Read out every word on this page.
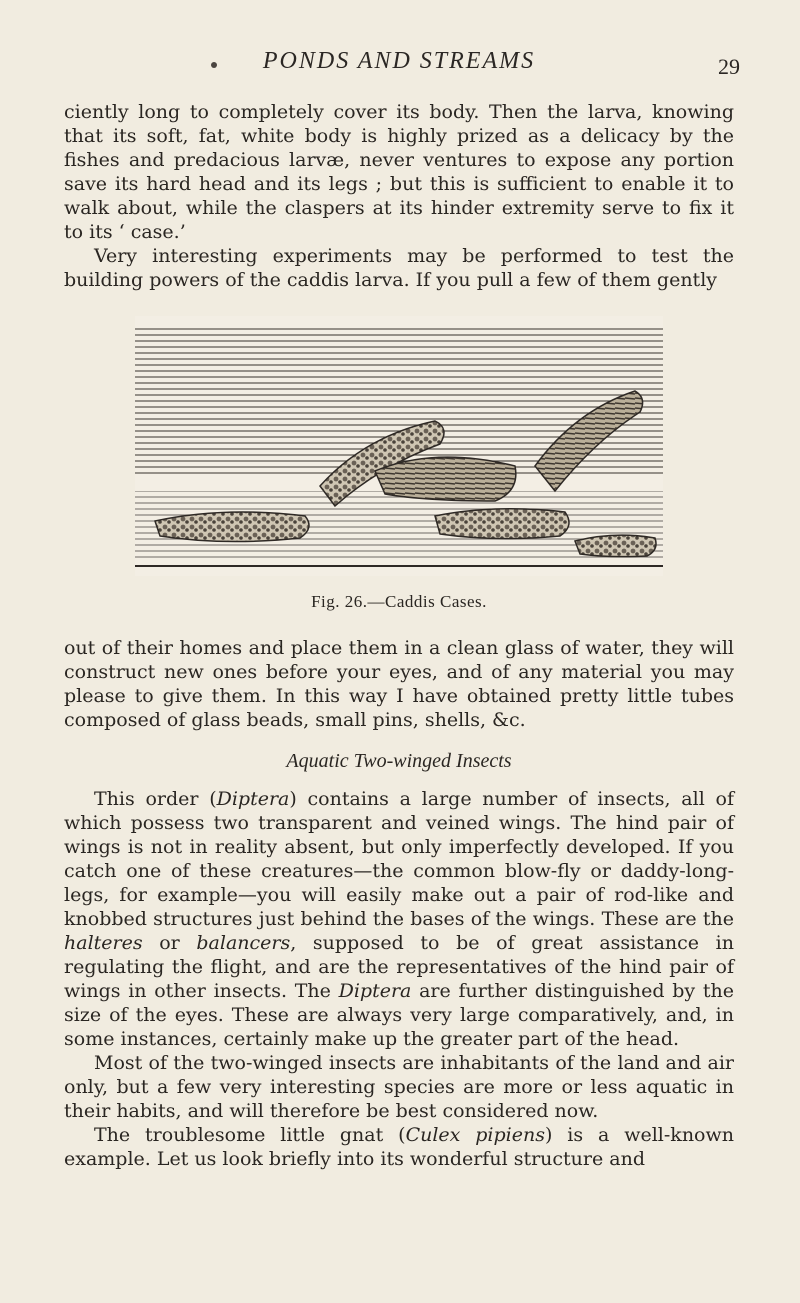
PONDS AND STREAMS	29

ciently long to completely cover its body. Then the larva, knowing that its soft, fat, white body is highly prized as a delicacy by the fishes and predacious larvæ, never ventures to expose any portion save its hard head and its legs ; but this is sufficient to enable it to walk about, while the claspers at its hinder extremity serve to fix it to its ‘ case.’

Very interesting experiments may be performed to test the building powers of the caddis larva. If you pull a few of them gently

Fig. 26.—Caddis Cases.

out of their homes and place them in a clean glass of water, they will construct new ones before your eyes, and of any material you may please to give them. In this way I have obtained pretty little tubes composed of glass beads, small pins, shells, &c.

Aquatic Two-winged Insects

This order (Diptera) contains a large number of insects, all of which possess two transparent and veined wings. The hind pair of wings is not in reality absent, but only imperfectly developed. If you catch one of these creatures—the common blow-fly or daddy-long-legs, for example—you will easily make out a pair of rod-like and knobbed structures just behind the bases of the wings. These are the halteres or balancers, supposed to be of great assistance in regulating the flight, and are the representatives of the hind pair of wings in other insects. The Diptera are further distinguished by the size of the eyes. These are always very large comparatively, and, in some instances, certainly make up the greater part of the head.

Most of the two-winged insects are inhabitants of the land and air only, but a few very interesting species are more or less aquatic in their habits, and will therefore be best considered now.

The troublesome little gnat (Culex pipiens) is a well-known example. Let us look briefly into its wonderful structure and
